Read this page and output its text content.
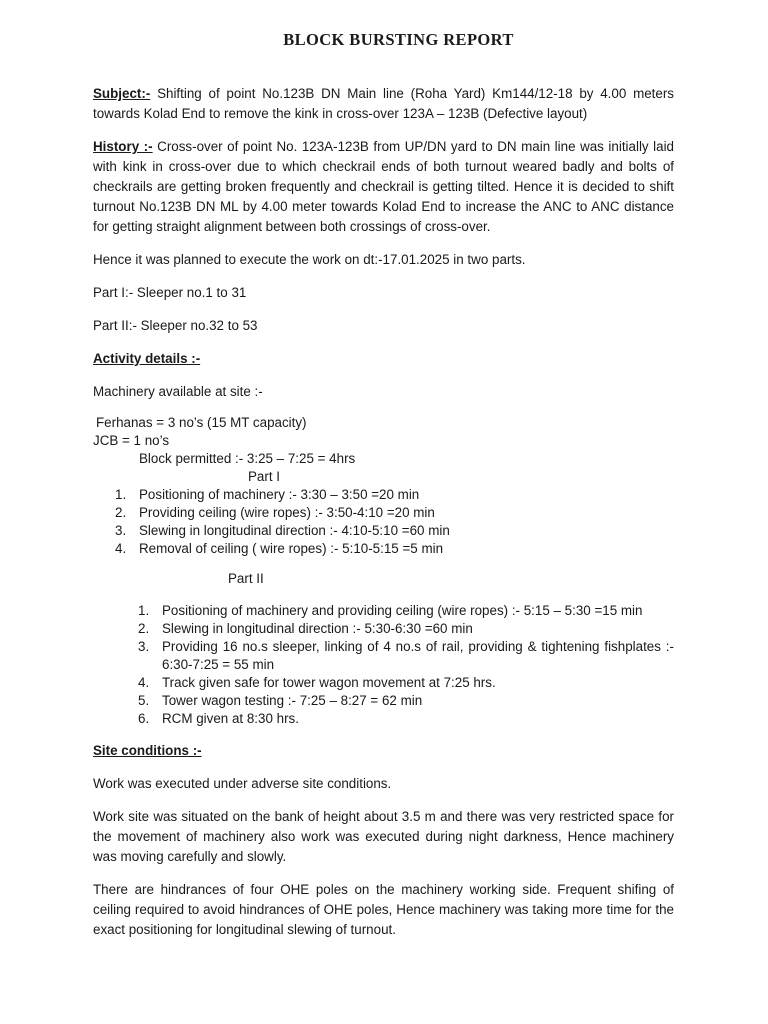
BLOCK BURSTING REPORT

Subject:- Shifting of point No.123B DN Main line (Roha Yard) Km144/12-18 by 4.00 meters towards Kolad End to remove the kink in cross-over 123A – 123B (Defective layout)

History :- Cross-over of point No. 123A-123B from UP/DN yard to DN main line was initially laid with kink in cross-over due to which checkrail ends of both turnout weared badly and bolts of checkrails are getting broken frequently and checkrail is getting tilted. Hence it is decided to shift turnout No.123B DN ML by 4.00 meter towards Kolad End to increase the ANC to ANC distance for getting straight alignment between both crossings of cross-over.

Hence it was planned to execute the work on dt:-17.01.2025 in two parts.

Part I:- Sleeper no.1 to 31

Part II:- Sleeper no.32 to 53

Activity details :-

Machinery available at site :-

Ferhanas = 3 no’s (15 MT capacity)

JCB = 1 no’s

Block permitted :- 3:25 – 7:25 = 4hrs

Part I
1. Positioning of machinery :- 3:30 – 3:50 =20 min
2. Providing ceiling (wire ropes) :- 3:50-4:10 =20 min
3. Slewing in longitudinal direction :- 4:10-5:10 =60 min
4. Removal of ceiling ( wire ropes) :- 5:10-5:15 =5 min
Part II
1. Positioning of machinery and providing ceiling (wire ropes) :- 5:15 – 5:30 =15 min
2. Slewing in longitudinal direction :- 5:30-6:30 =60 min
3. Providing 16 no.s sleeper, linking of 4 no.s of rail, providing & tightening fishplates :- 6:30-7:25 = 55 min
4. Track given safe for tower wagon movement at 7:25 hrs.
5. Tower wagon testing :- 7:25 – 8:27 = 62 min
6. RCM given at 8:30 hrs.

Site conditions :-

Work was executed under adverse site conditions.

Work site was situated on the bank of height about 3.5 m and there was very restricted space for the movement of machinery also work was executed during night darkness, Hence machinery was moving carefully and slowly.

There are hindrances of four OHE poles on the machinery working side. Frequent shifing of ceiling required to avoid hindrances of OHE poles, Hence machinery was taking more time for the exact positioning for longitudinal slewing of turnout.
